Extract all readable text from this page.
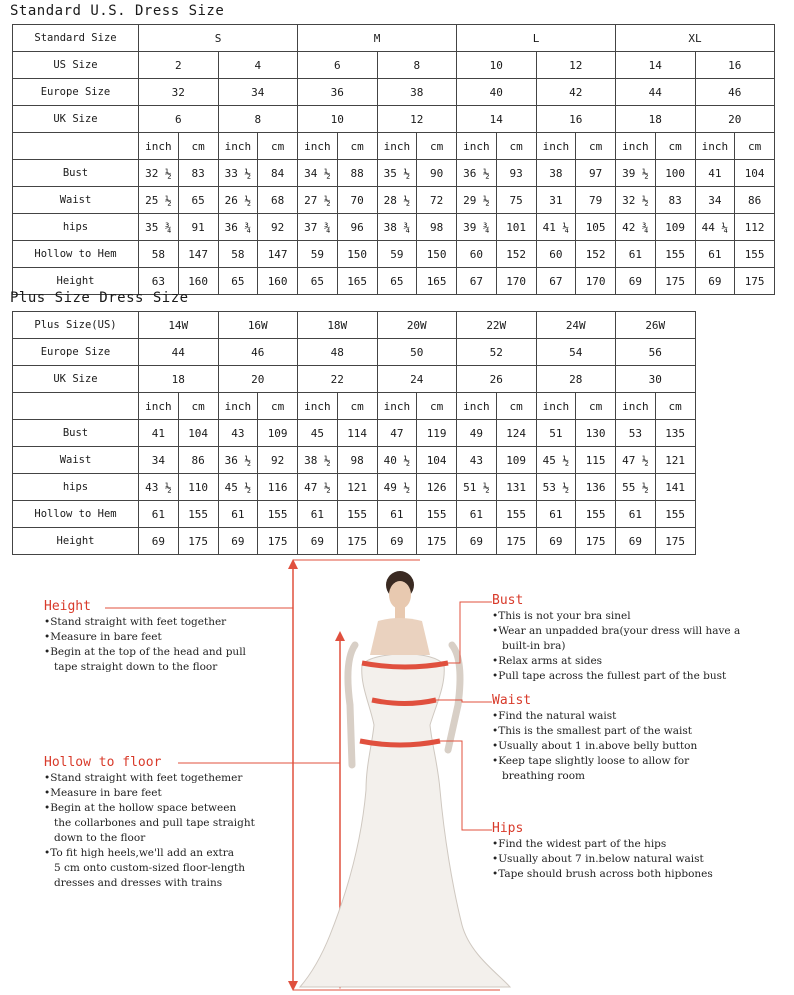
Standard U.S. Dress Size
Standard Size	S				M				L				XL			
US Size	2		4		6		8		10		12		14		16	
Europe Size	32		34		36		38		40		42		44		46	
UK Size	6		8		10		12		14		16		18		20	
	inch	cm	inch	cm	inch	cm	inch	cm	inch	cm	inch	cm	inch	cm	inch	cm
Bust	32 ½	83	33 ½	84	34 ½	88	35 ½	90	36 ½	93	38	97	39 ½	100	41	104
Waist	25 ½	65	26 ½	68	27 ½	70	28 ½	72	29 ½	75	31	79	32 ½	83	34	86
hips	35 ¾	91	36 ¾	92	37 ¾	96	38 ¾	98	39 ¾	101	41 ¼	105	42 ¾	109	44 ¼	112
Hollow to Hem	58	147	58	147	59	150	59	150	60	152	60	152	61	155	61	155
Height	63	160	65	160	65	165	65	165	67	170	67	170	69	175	69	175
Plus Size Dress Size
Plus Size(US)	14W		16W		18W		20W		22W		24W		26W	
Europe Size	44		46		48		50		52		54		56	
UK Size	18		20		22		24		26		28		30	
	inch	cm	inch	cm	inch	cm	inch	cm	inch	cm	inch	cm	inch	cm
Bust	41	104	43	109	45	114	47	119	49	124	51	130	53	135
Waist	34	86	36 ½	92	38 ½	98	40 ½	104	43	109	45 ½	115	47 ½	121
hips	43 ½	110	45 ½	116	47 ½	121	49 ½	126	51 ½	131	53 ½	136	55 ½	141
Hollow to Hem	61	155	61	155	61	155	61	155	61	155	61	155	61	155
Height	69	175	69	175	69	175	69	175	69	175	69	175	69	175
Height
•Stand straight with feet together
•Measure in bare feet
•Begin at the top of the head and pull
tape straight down to the floor
Hollow to floor
•Stand straight with feet togethemer
•Measure in bare feet
•Begin at the hollow space between
the collarbones and pull tape straight
down to the floor
•To fit high heels,we'll add an extra
5 cm onto custom-sized floor-length
dresses and dresses with trains
Bust
•This is not your bra sinel
•Wear an unpadded bra(your dress will have a
built-in bra)
•Relax arms at sides
•Pull tape across the fullest part of the bust
Waist
•Find the natural waist
•This is the smallest part of the waist
•Usually about 1 in.above belly button
•Keep tape slightly loose to allow for
breathing room
Hips
•Find the widest part of the hips
•Usually about 7 in.below natural waist
•Tape should brush across both hipbones
